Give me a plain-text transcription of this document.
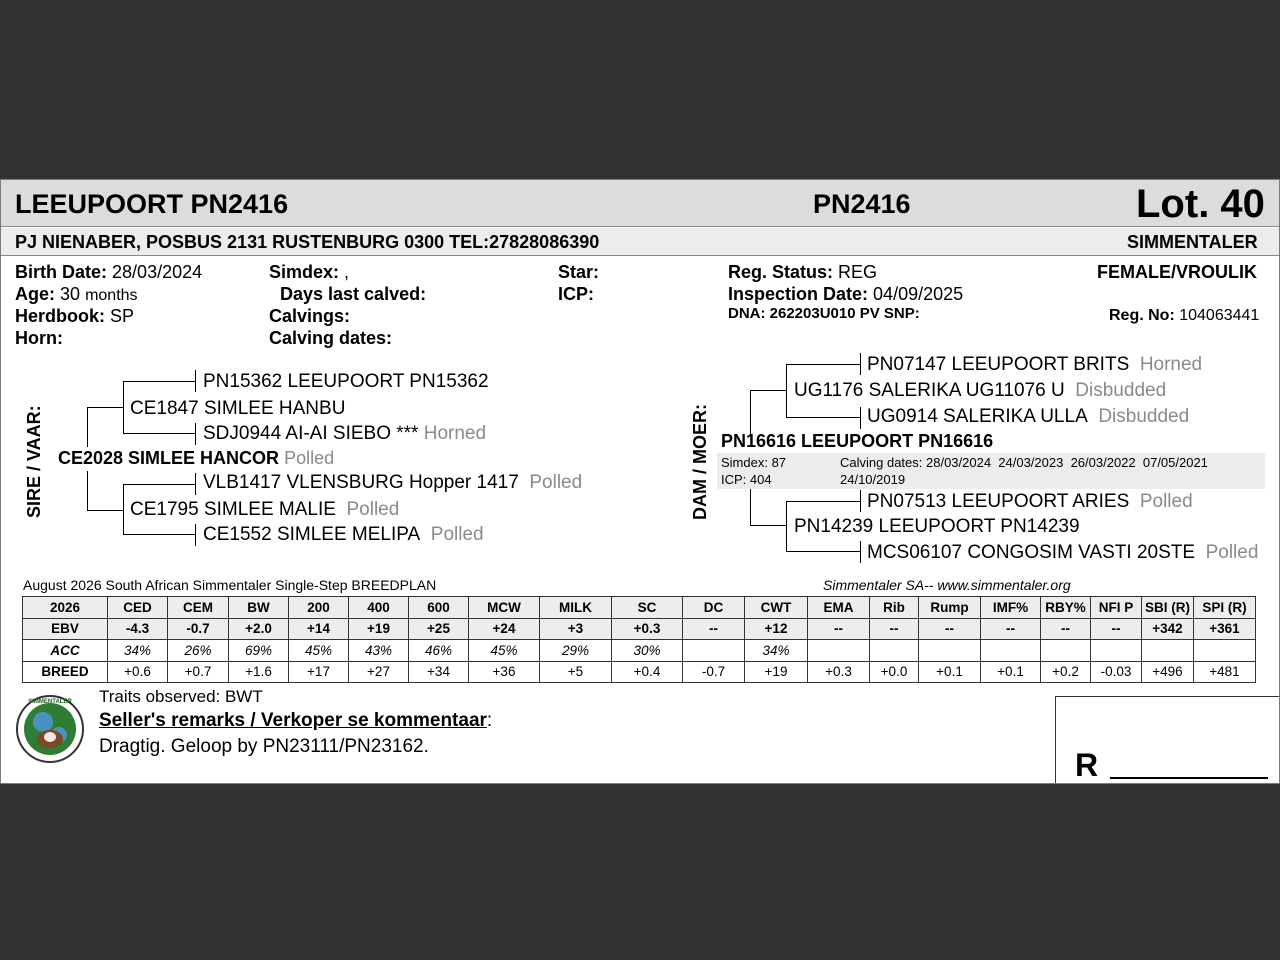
LEEUPOORT PN2416	PN2416	Lot. 40
PJ NIENABER, POSBUS 2131 RUSTENBURG 0300 TEL:27828086390	SIMMENTALER
Birth Date: 28/03/2024
Age: 30 months
Herdbook: SP
Horn:
Simdex: ,
Days last calved:
Calvings:
Calving dates:
Star:
ICP:
Reg. Status: REG
Inspection Date: 04/09/2025
DNA: 262203U010 PV SNP:
FEMALE/VROULIK
Reg. No: 104063441
SIRE / VAAR:
PN15362 LEEUPOORT PN15362
CE1847 SIMLEE HANBU
SDJ0944 AI-AI SIEBO *** Horned
CE2028 SIMLEE HANCOR Polled
VLB1417 VLENSBURG Hopper 1417 Polled
CE1795 SIMLEE MALIE Polled
CE1552 SIMLEE MELIPA Polled
DAM / MOER:
PN07147 LEEUPOORT BRITS Horned
UG1176 SALERIKA UG11076 U Disbudded
UG0914 SALERIKA ULLA Disbudded
PN16616 LEEUPOORT PN16616
Simdex: 87
ICP: 404
Calving dates: 28/03/2024  24/03/2023  26/03/2022  07/05/2021
24/10/2019
PN07513 LEEUPOORT ARIES Polled
PN14239 LEEUPOORT PN14239
MCS06107 CONGOSIM VASTI 20STE Polled
August 2026 South African Simmentaler Single-Step BREEDPLAN	Simmentaler SA-- www.simmentaler.org
2026	CED	CEM	BW	200	400	600	MCW	MILK	SC	DC	CWT	EMA	Rib	Rump	IMF%	RBY%	NFI P	SBI (R)	SPI (R)
EBV	-4.3	-0.7	+2.0	+14	+19	+25	+24	+3	+0.3	--	+12	--	--	--	--	--	--	+342	+361
ACC	34%	26%	69%	45%	43%	46%	45%	29%	30%		34%								
BREED	+0.6	+0.7	+1.6	+17	+27	+34	+36	+5	+0.4	-0.7	+19	+0.3	+0.0	+0.1	+0.1	+0.2	-0.03	+496	+481
SIMMENTALER Traits observed: BWT
Seller's remarks / Verkoper se kommentaar:
Dragtig. Geloop by PN23111/PN23162.
R
